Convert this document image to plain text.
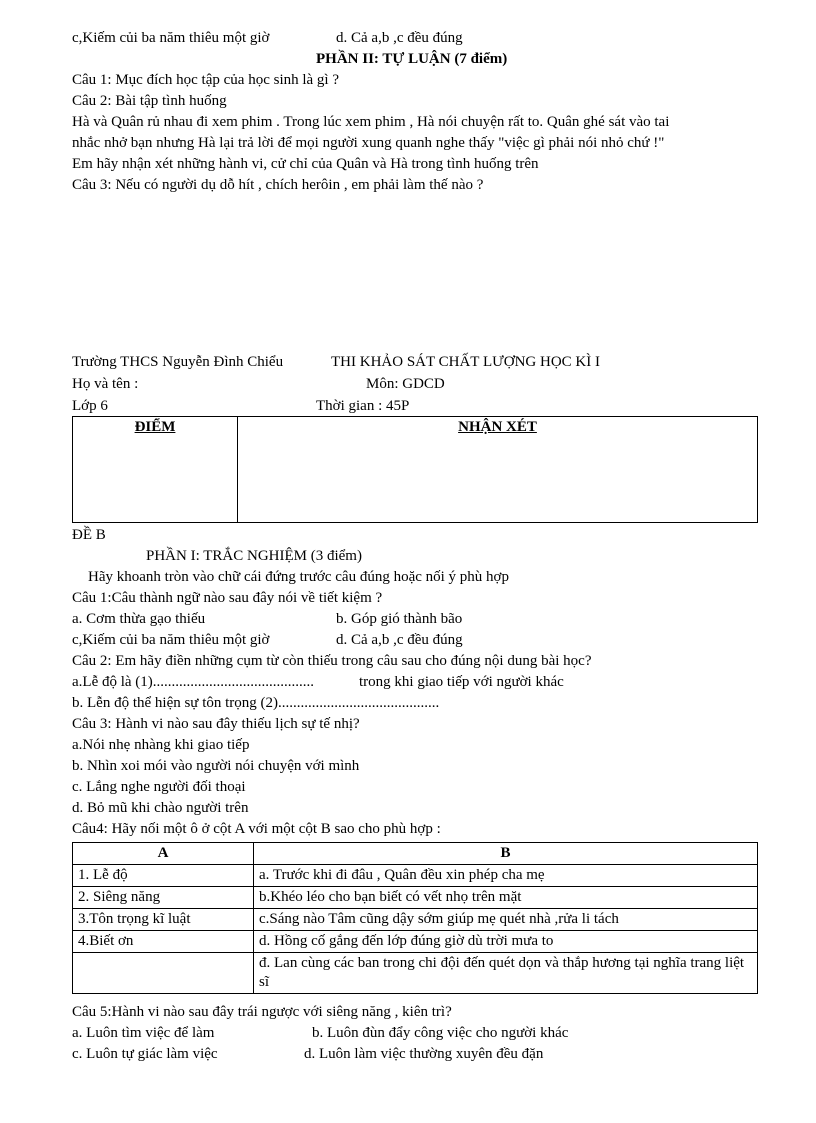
c,Kiếm củi ba năm thiêu một giờ	d. Cả a,b ,c đều đúng
PHẦN II: TỰ LUẬN (7 điểm)
Câu 1: Mục đích học tập của học sinh là gì ?
Câu 2: Bài tập tình huống
Hà và Quân rủ nhau đi xem phim . Trong lúc xem phim , Hà nói chuyện rất to. Quân ghé sát vào tai
nhắc nhở bạn nhưng Hà lại trả lời để mọi người xung quanh nghe thấy "việc gì phải nói nhỏ chứ !"
Em hãy nhận xét những hành vi, cử chỉ của Quân và Hà trong tình huống trên
Câu 3: Nếu có người dụ dỗ hít , chích herôin , em phải làm thế nào ?
Trường THCS Nguyễn Đình Chiểu	THI KHẢO SÁT CHẤT LƯỢNG HỌC KÌ I
Họ và tên :	Môn: GDCD
Lớp 6	Thời gian : 45P
ĐIỂM	NHẬN XÉT
ĐỀ B
PHẦN I: TRẮC NGHIỆM (3 điểm)
Hãy khoanh tròn vào chữ cái đứng trước câu đúng hoặc nối ý phù hợp
Câu 1:Câu thành ngữ nào sau đây nói về tiết kiệm ?
a. Cơm thừa gạo thiếu	b. Góp gió thành bão
c,Kiếm củi ba năm thiêu một giờ	d. Cả a,b ,c đều đúng
Câu 2: Em hãy điền những cụm từ còn thiếu trong câu sau cho đúng nội dung bài học?
a.Lễ độ là (1)...........................................	trong khi giao tiếp với người khác
b. Lễn độ thể hiện sự tôn trọng (2)...........................................
Câu 3: Hành vi nào sau đây thiếu lịch sự tế nhị?
a.Nói nhẹ nhàng khi giao tiếp
b. Nhìn xoi mói vào người nói chuyện với mình
c. Lắng nghe người đối thoại
d. Bỏ mũ khi chào người trên
Câu4: Hãy nối một ô ở cột A với một cột B sao cho phù hợp :
A	B
1. Lễ độ	a. Trước khi đi đâu , Quân đều xin phép cha mẹ
2. Siêng năng	b.Khéo léo cho bạn biết có vết nhọ trên mặt
3.Tôn trọng kĩ luật	c.Sáng nào Tâm cũng dậy sớm giúp mẹ quét nhà ,rửa li tách
4.Biết ơn	d. Hồng cố gắng đến lớp đúng giờ dù trời mưa to
	đ. Lan cùng các ban trong chi đội đến quét dọn và thắp hương tại nghĩa trang liệt sĩ
Câu 5:Hành vi nào sau đây trái ngược với siêng năng , kiên trì?
a. Luôn tìm việc để làm	b. Luôn đùn đẩy công việc cho người khác
c. Luôn tự giác làm việc	d. Luôn làm việc thường xuyên đều đặn
